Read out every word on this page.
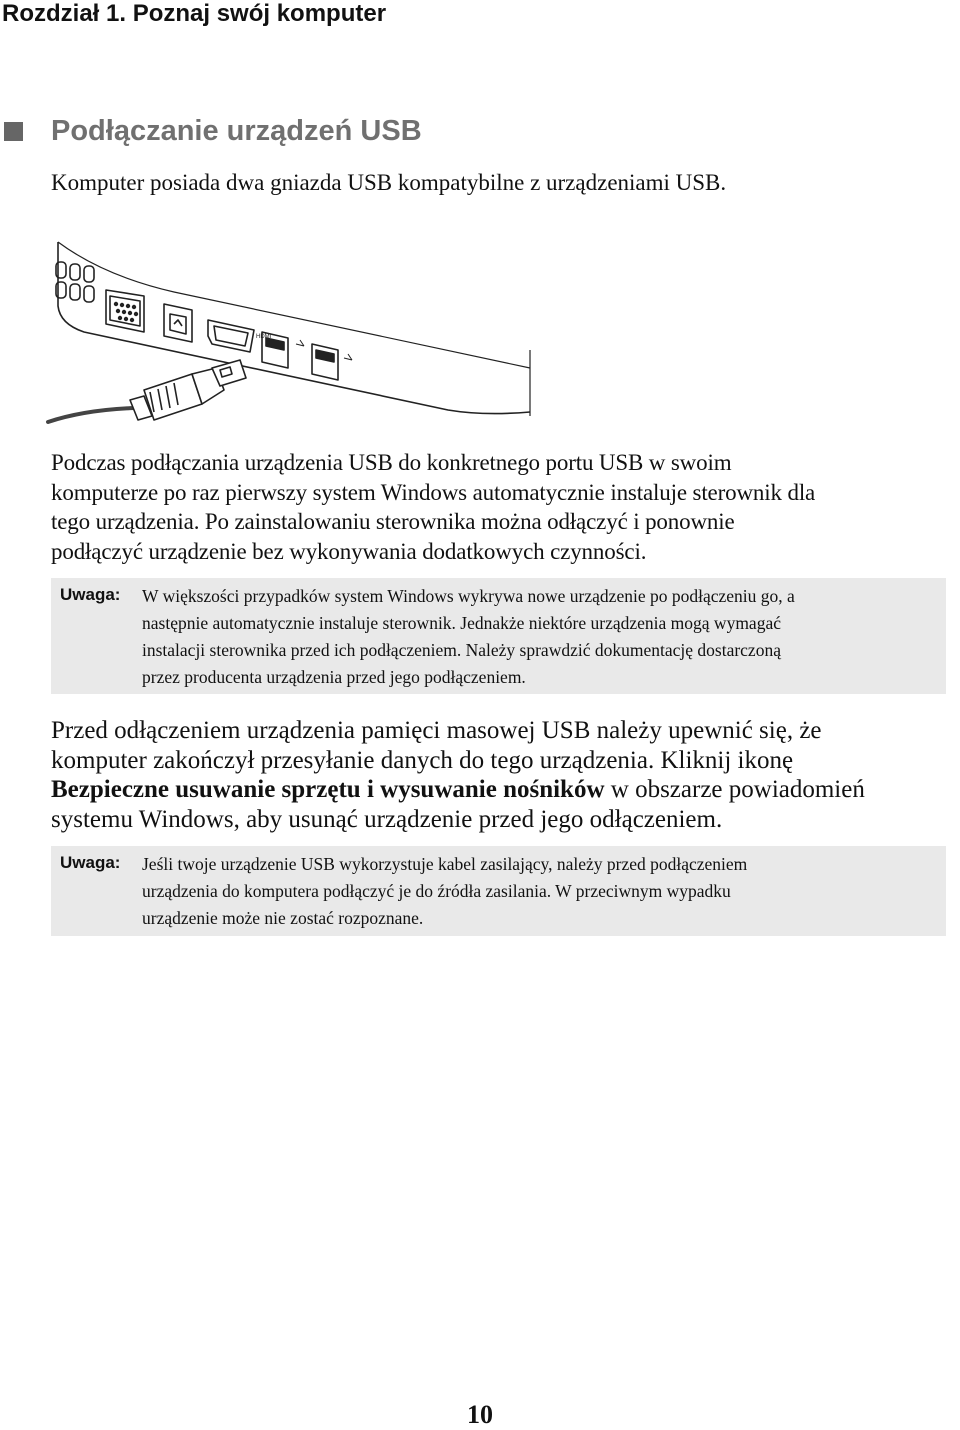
Rozdział 1. Poznaj swój komputer
Podłączanie urządzeń USB

Komputer posiada dwa gniazda USB kompatybilne z urządzeniami USB.

HDMI
Podczas podłączania urządzenia USB do konkretnego portu USB w swoim
komputerze po raz pierwszy system Windows automatycznie instaluje sterownik dla
tego urządzenia. Po zainstalowaniu sterownika można odłączyć i ponownie
podłączyć urządzenie bez wykonywania dodatkowych czynności.
Uwaga: W większości przypadków system Windows wykrywa nowe urządzenie po podłączeniu go, a
następnie automatycznie instaluje sterownik. Jednakże niektóre urządzenia mogą wymagać
instalacji sterownika przed ich podłączeniem. Należy sprawdzić dokumentację dostarczoną
przez producenta urządzenia przed jego podłączeniem.
Przed odłączeniem urządzenia pamięci masowej USB należy upewnić się, że
komputer zakończył przesyłanie danych do tego urządzenia. Kliknij ikonę
Bezpieczne usuwanie sprzętu i wysuwanie nośników w obszarze powiadomień
systemu Windows, aby usunąć urządzenie przed jego odłączeniem.
Uwaga: Jeśli twoje urządzenie USB wykorzystuje kabel zasilający, należy przed podłączeniem
urządzenia do komputera podłączyć je do źródła zasilania. W przeciwnym wypadku
urządzenie może nie zostać rozpoznane.
10
